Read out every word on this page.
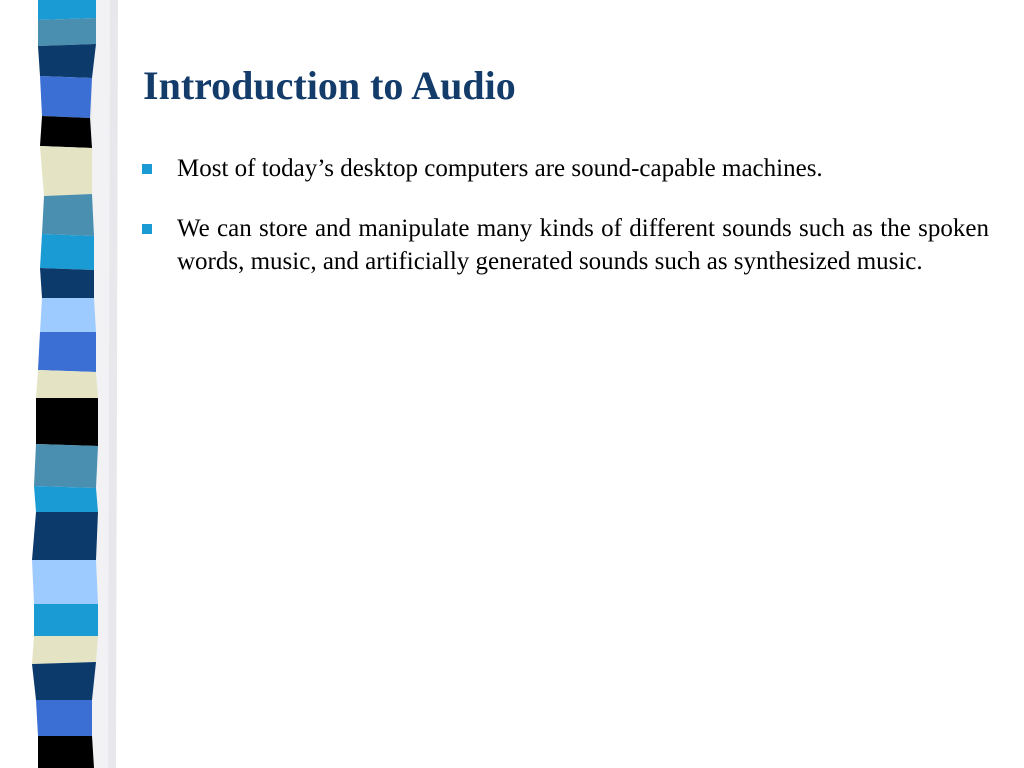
Introduction to Audio
Most of today’s desktop computers are sound-capable machines.
We can store and manipulate many kinds of different sounds such as the spoken words, music, and artificially generated sounds such as synthesized music.
